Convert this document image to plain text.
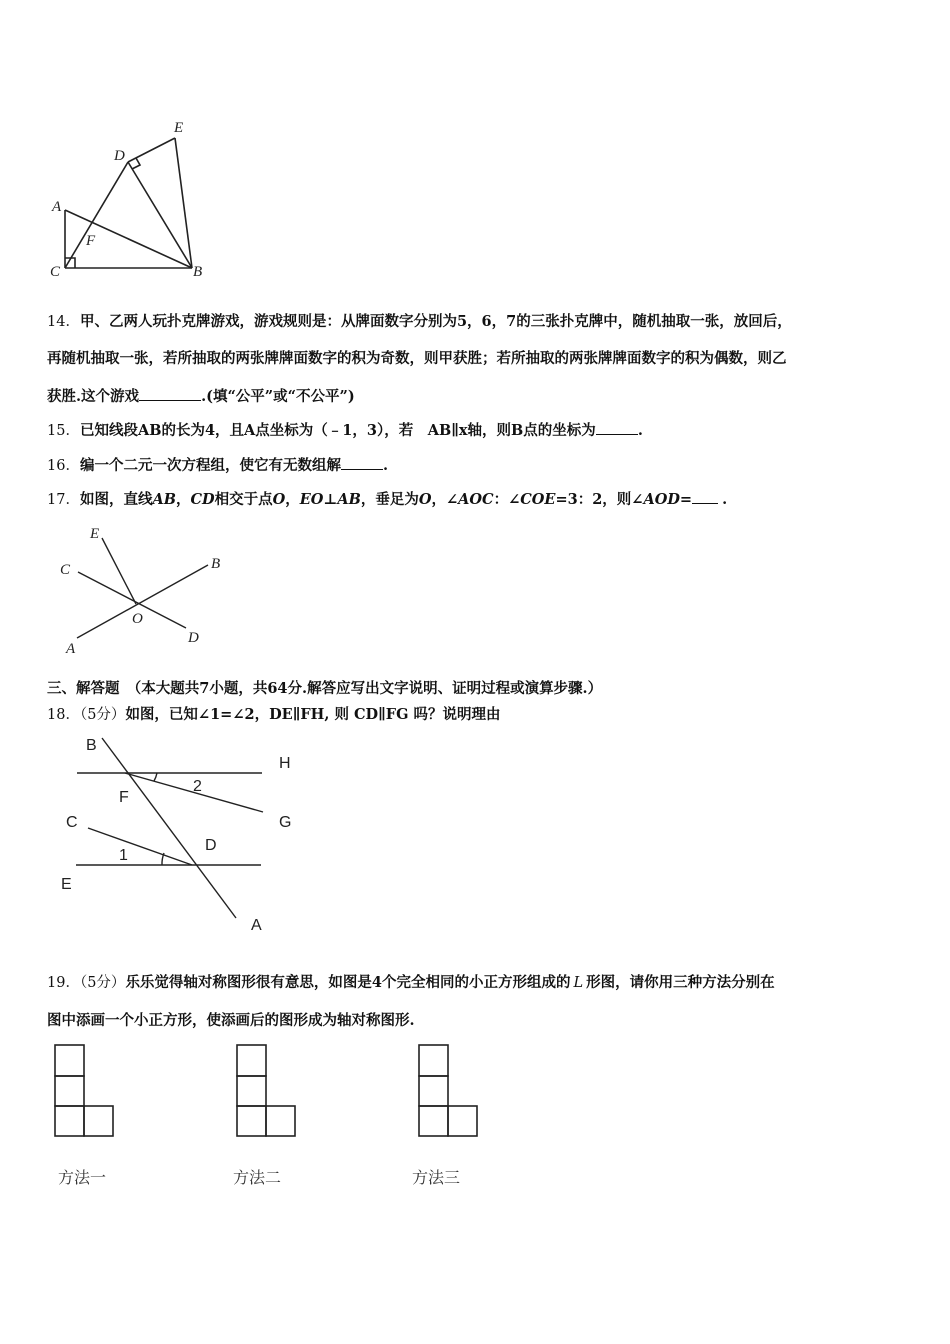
A
C	B
D
E
F
14．甲、乙两人玩扑克牌游戏，游戏规则是：从牌面数字分别为5，6，7的三张扑克牌中，随机抽取一张，放回后，
再随机抽取一张，若所抽取的两张牌牌面数字的积为奇数，则甲获胜；若所抽取的两张牌牌面数字的积为偶数，则乙
获胜.这个游戏	.(填“公平”或“不公平”)
15．已知线段AB的长为4，且A点坐标为（﹣1，3），若　AB∥x轴，则B点的坐标为	.
16．编一个二元一次方程组，使它有无数组解	.
17．如图，直线AB，CD相交于点O，EO⊥AB，垂足为O，∠AOC：∠COE=3：2，则∠AOD= .
A
B
C
D
E
O
三、解答题　（本大题共7小题，共64分.解答应写出文字说明、证明过程或演算步骤.）
18．（5分）如图，已知∠1=∠2，DE∥FH, 则 CD∥FG 吗？说明理由
B
H
2
F
G
C
D
1
E
A
19．（5分）乐乐觉得轴对称图形很有意思，如图是4个完全相同的小正方形组成的 L 形图，请你用三种方法分别在
图中添画一个小正方形，使添画后的图形成为轴对称图形.
方法一	方法二	方法三
